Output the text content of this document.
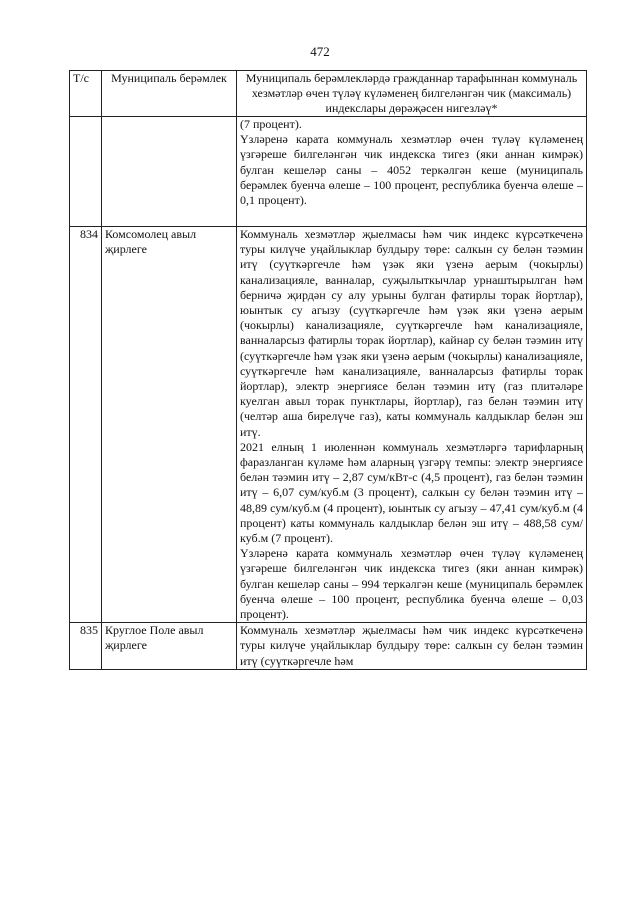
472
Т/с	Муниципаль берәмлек	Муниципаль берәмлекләрдә гражданнар тарафыннан коммуналь хезмәтләр өчен түләү күләменең билгеләнгән чик (максималь) индекслары дөрәҗәсен нигезләү*

		(7 процент).

Үзләренә карата коммуналь хезмәтләр өчен түләү күләменең үзгәреше билгеләнгән чик индекска тигез (яки аннан кимрәк) булган кешеләр саны – 4052 теркәлгән кеше (муниципаль берәмлек буенча өлеше – 100 процент, республика буенча өлеше – 0,1 процент).

834	Комсомолец авыл җирлеге	Коммуналь хезмәтләр җыелмасы һәм чик индекс күрсәткеченә туры килүче уңайлыклар булдыру төре: салкын су белән тәэмин итү (суүткәргечле һәм үзәк яки үзенә аерым (чокырлы) канализацияле, ванналар, суҗылыткычлар урнаштырылган һәм берничә җирдән су алу урыны булган фатирлы торак йортлар), юынтык су агызу (суүткәргечле һәм үзәк яки үзенә аерым (чокырлы) канализацияле, суүткәргечле һәм канализацияле, ванналарсыз фатирлы торак йортлар), кайнар су белән тәэмин итү (суүткәргечле һәм үзәк яки үзенә аерым (чокырлы) канализацияле, суүткәргечле һәм канализацияле, ванналарсыз фатирлы торак йортлар), электр энергиясе белән тәэмин итү (газ плитәләре куелган авыл торак пунктлары, йортлар), газ белән тәэмин итү (челтәр аша бирелүче газ), каты коммуналь калдыклар белән эш итү.

2021 елның 1 июленнән коммуналь хезмәтләргә тарифларның фаразланган күләме һәм аларның үзгәрү темпы: электр энергиясе белән тәэмин итү – 2,87 сум/кВт-с (4,5 процент), газ белән тәэмин итү – 6,07 сум/куб.м (3 процент), салкын су белән тәэмин итү – 48,89 сум/куб.м (4 процент), юынтык су агызу – 47,41 сум/куб.м (4 процент) каты коммуналь калдыклар белән эш итү – 488,58 сум/куб.м (7 процент).

Үзләренә карата коммуналь хезмәтләр өчен түләү күләменең үзгәреше билгеләнгән чик индекска тигез (яки аннан кимрәк) булган кешеләр саны – 994 теркәлгән кеше (муниципаль берәмлек буенча өлеше – 100 процент, республика буенча өлеше – 0,03 процент).

835	Круглое Поле авыл җирлеге	Коммуналь хезмәтләр җыелмасы һәм чик индекс күрсәткеченә туры килүче уңайлыклар булдыру төре: салкын су белән тәэмин итү (суүткәргечле һәм
